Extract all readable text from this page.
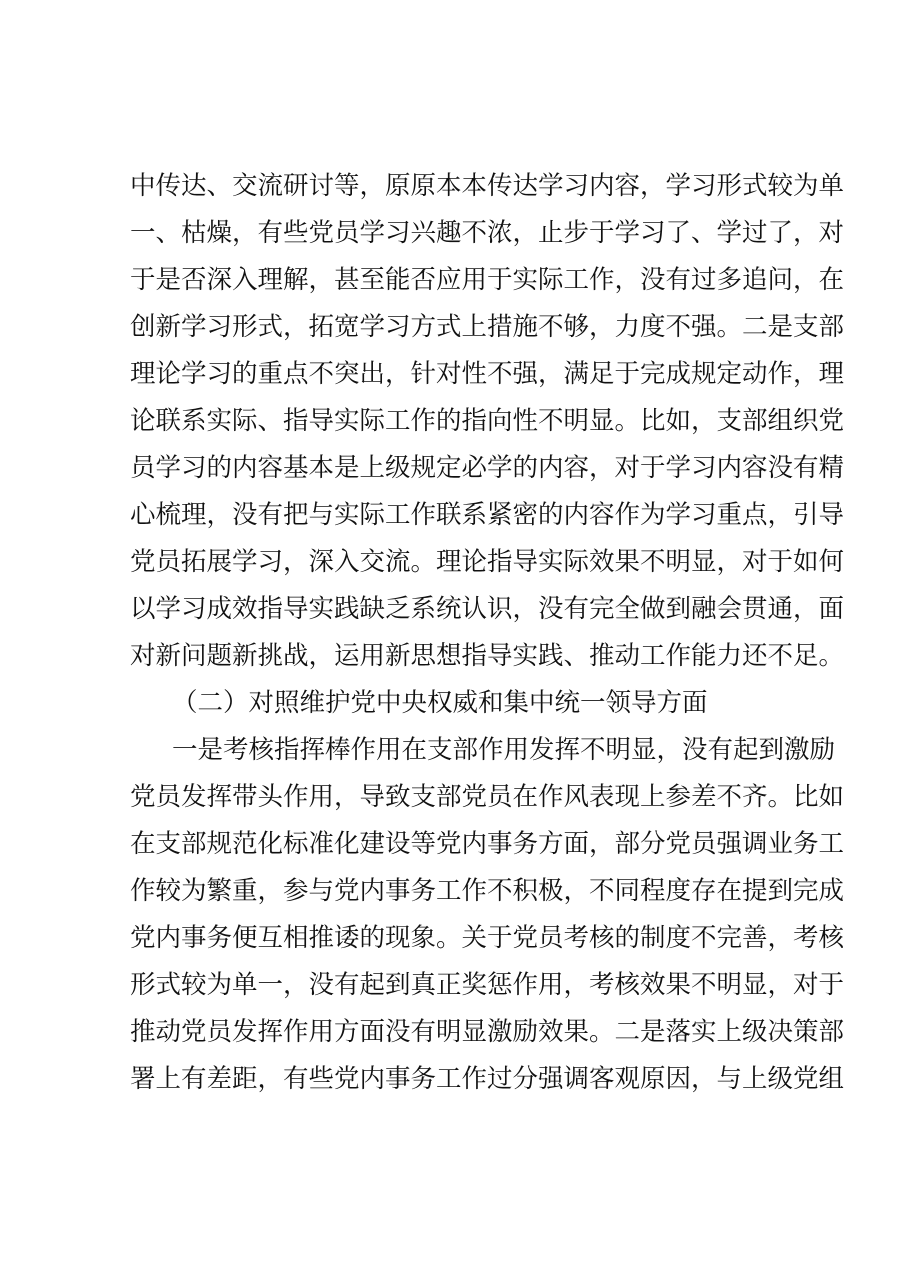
中传达、交流研讨等，原原本本传达学习内容，学习形式较为单
一、枯燥，有些党员学习兴趣不浓，止步于学习了、学过了，对
于是否深入理解，甚至能否应用于实际工作，没有过多追问，在
创新学习形式，拓宽学习方式上措施不够，力度不强。二是支部
理论学习的重点不突出，针对性不强，满足于完成规定动作，理
论联系实际、指导实际工作的指向性不明显。比如，支部组织党
员学习的内容基本是上级规定必学的内容，对于学习内容没有精
心梳理，没有把与实际工作联系紧密的内容作为学习重点，引导
党员拓展学习，深入交流。理论指导实际效果不明显，对于如何
以学习成效指导实践缺乏系统认识，没有完全做到融会贯通，面
对新问题新挑战，运用新思想指导实践、推动工作能力还不足。
（二）对照维护党中央权威和集中统一领导方面
一是考核指挥棒作用在支部作用发挥不明显，没有起到激励
党员发挥带头作用，导致支部党员在作风表现上参差不齐。比如
在支部规范化标准化建设等党内事务方面，部分党员强调业务工
作较为繁重，参与党内事务工作不积极，不同程度存在提到完成
党内事务便互相推诿的现象。关于党员考核的制度不完善，考核
形式较为单一，没有起到真正奖惩作用，考核效果不明显，对于
推动党员发挥作用方面没有明显激励效果。二是落实上级决策部
署上有差距，有些党内事务工作过分强调客观原因，与上级党组
